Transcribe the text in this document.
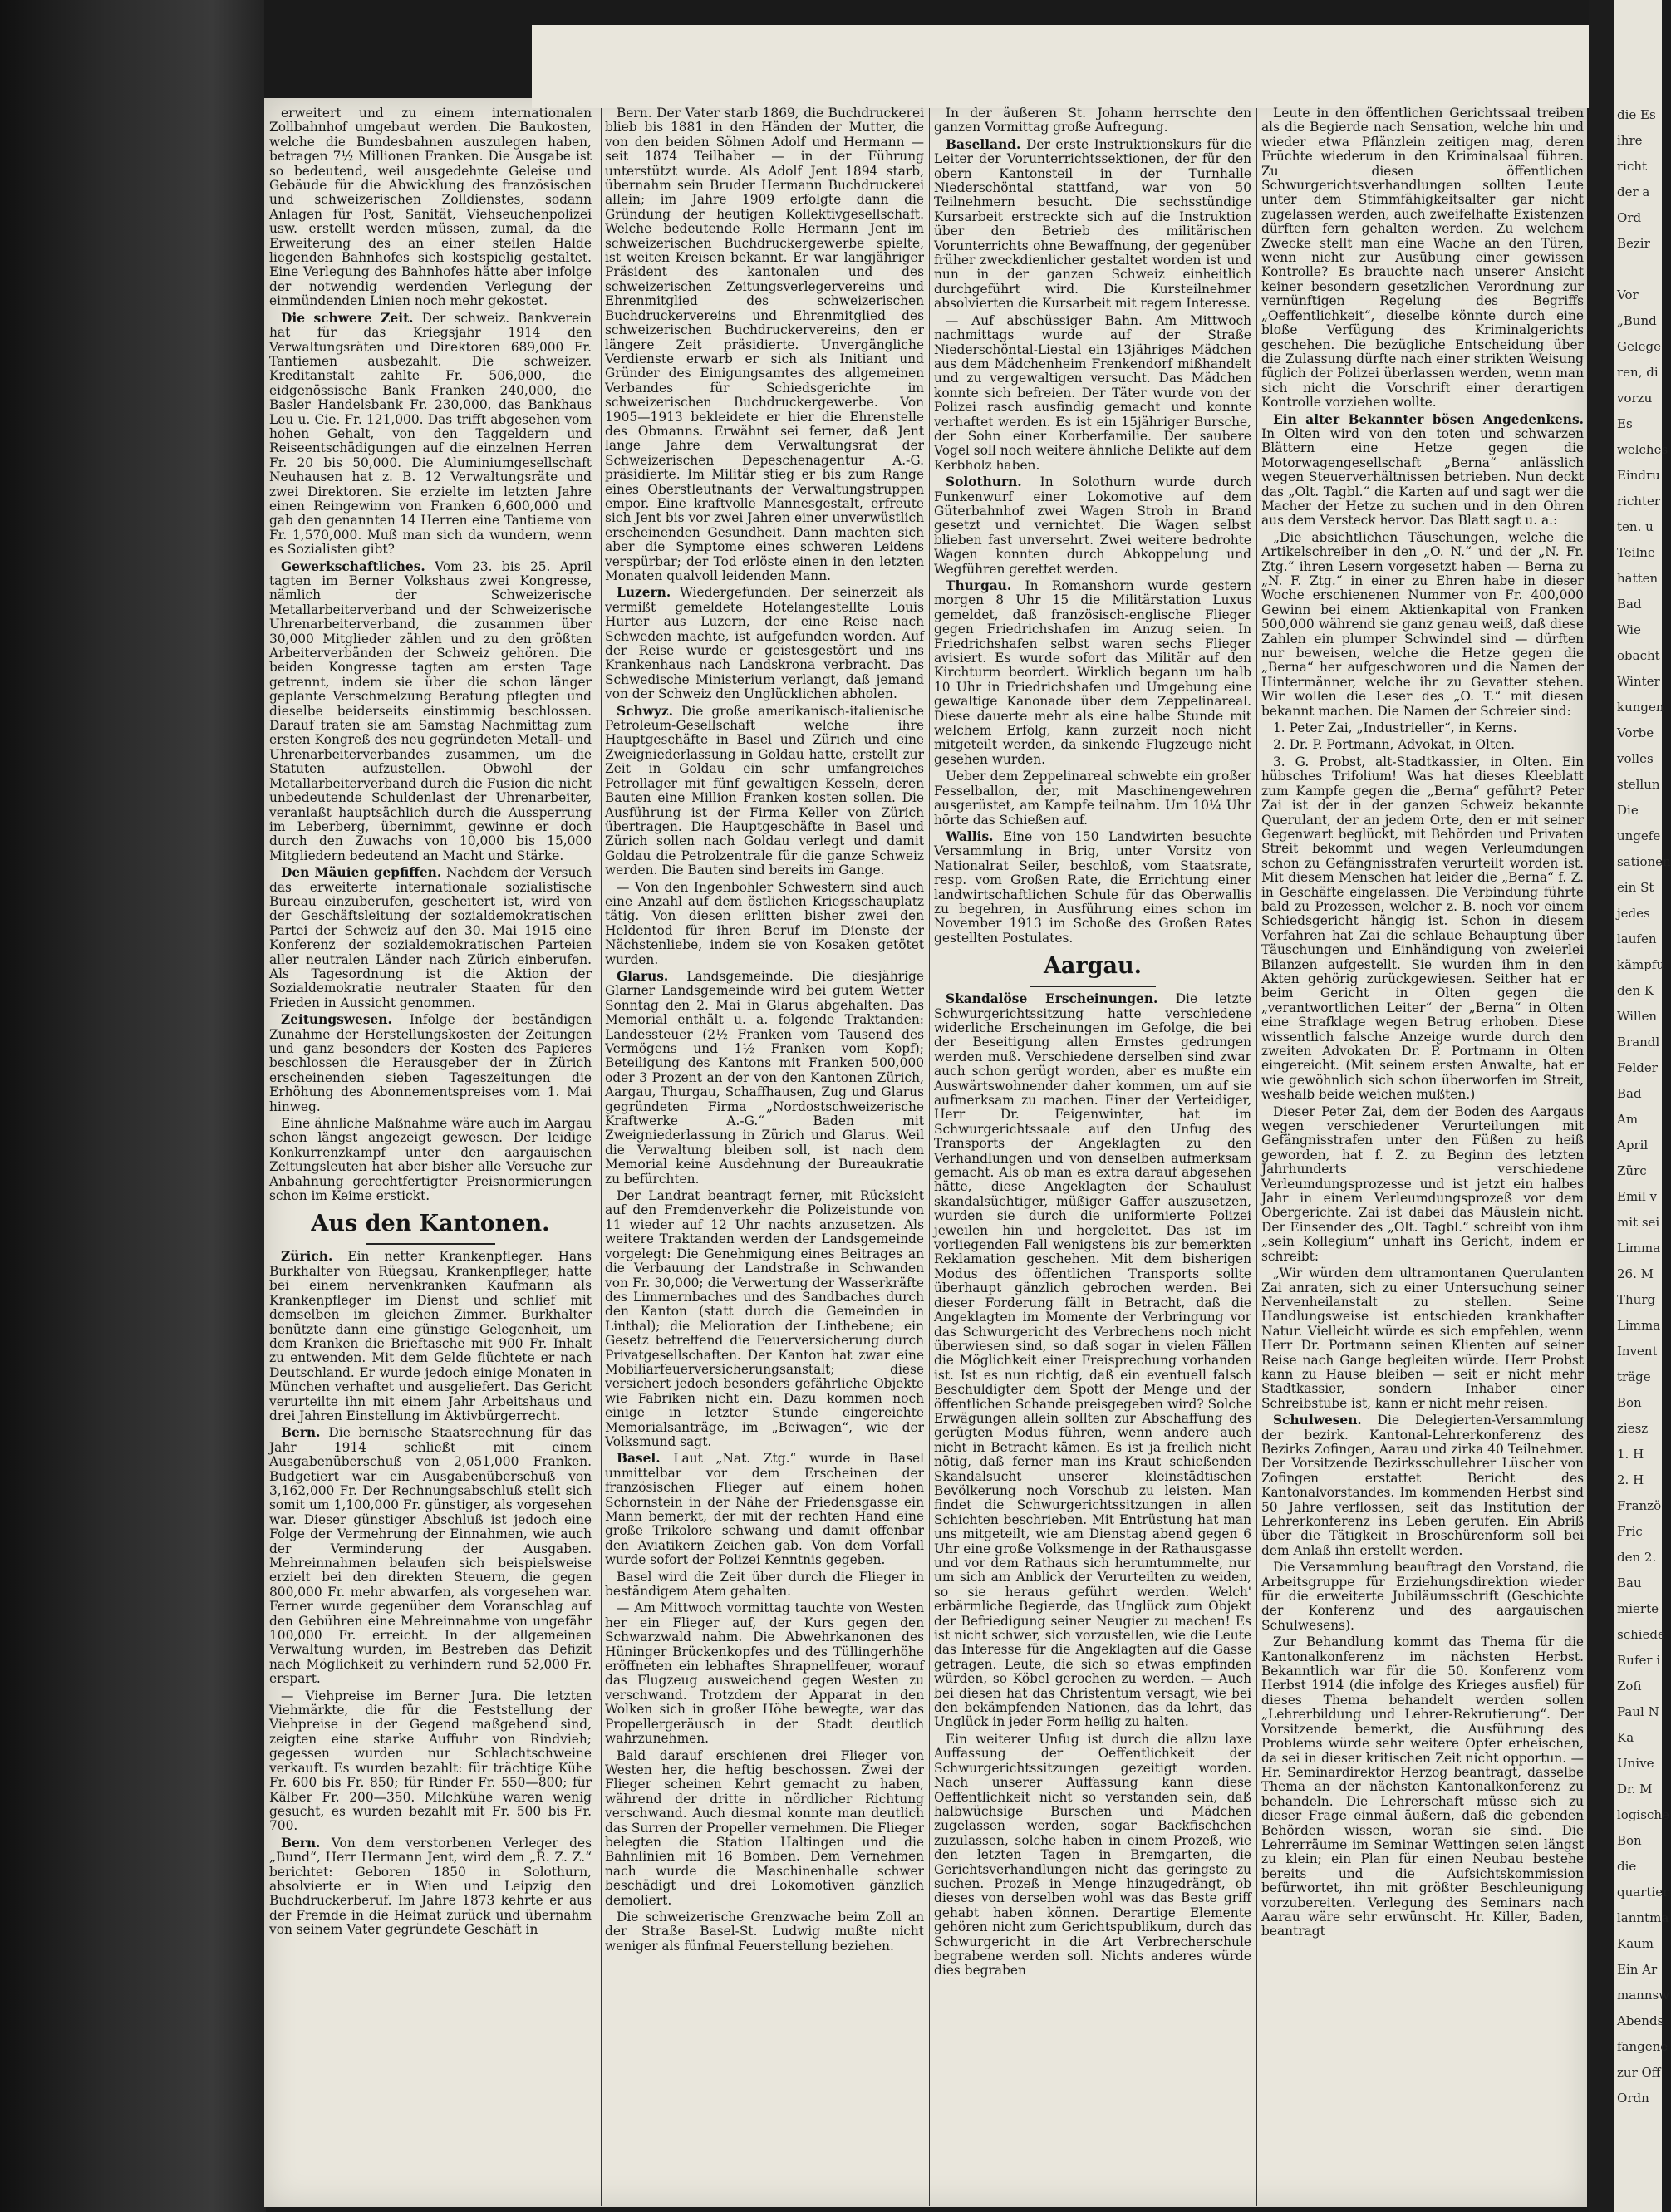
erweitert und zu einem internationalen Zollbahnhof umgebaut werden. Die Baukosten, welche die Bundesbahnen auszulegen haben, betragen 7½ Millionen Franken. Die Ausgabe ist so bedeutend, weil ausgedehnte Geleise und Gebäude für die Abwicklung des französischen und schweizerischen Zolldienstes, sodann Anlagen für Post, Sanität, Viehseuchenpolizei usw. erstellt werden müssen, zumal, da die Erweiterung des an einer steilen Halde liegenden Bahnhofes sich kostspielig gestaltet. Eine Verlegung des Bahnhofes hätte aber infolge der notwendig werdenden Verlegung der einmündenden Linien noch mehr gekostet.

Die schwere Zeit. Der schweiz. Bankverein hat für das Kriegsjahr 1914 den Verwaltungsräten und Direktoren 689,000 Fr. Tantiemen ausbezahlt. Die schweizer. Kreditanstalt zahlte Fr. 506,000, die eidgenössische Bank Franken 240,000, die Basler Handelsbank Fr. 230,000, das Bankhaus Leu u. Cie. Fr. 121,000. Das trifft abgesehen vom hohen Gehalt, von den Taggeldern und Reiseentschädigungen auf die einzelnen Herren Fr. 20 bis 50,000. Die Aluminiumgesellschaft Neuhausen hat z. B. 12 Verwaltungsräte und zwei Direktoren. Sie erzielte im letzten Jahre einen Reingewinn von Franken 6,600,000 und gab den genannten 14 Herren eine Tantieme von Fr. 1,570,000. Muß man sich da wundern, wenn es Sozialisten gibt?

Gewerkschaftliches. Vom 23. bis 25. April tagten im Berner Volkshaus zwei Kongresse, nämlich der Schweizerische Metallarbeiterverband und der Schweizerische Uhrenarbeiterverband, die zusammen über 30,000 Mitglieder zählen und zu den größten Arbeiterverbänden der Schweiz gehören. Die beiden Kongresse tagten am ersten Tage getrennt, indem sie über die schon länger geplante Verschmelzung Beratung pflegten und dieselbe beiderseits einstimmig beschlossen. Darauf traten sie am Samstag Nachmittag zum ersten Kongreß des neu gegründeten Metall- und Uhrenarbeiterverbandes zusammen, um die Statuten aufzustellen. Obwohl der Metallarbeiterverband durch die Fusion die nicht unbedeutende Schuldenlast der Uhrenarbeiter, veranlaßt hauptsächlich durch die Aussperrung im Leberberg, übernimmt, gewinne er doch durch den Zuwachs von 10,000 bis 15,000 Mitgliedern bedeutend an Macht und Stärke.

Den Mäuien gepfiffen. Nachdem der Versuch das erweiterte internationale sozialistische Bureau einzuberufen, gescheitert ist, wird von der Geschäftsleitung der sozialdemokratischen Partei der Schweiz auf den 30. Mai 1915 eine Konferenz der sozialdemokratischen Parteien aller neutralen Länder nach Zürich einberufen. Als Tagesordnung ist die Aktion der Sozialdemokratie neutraler Staaten für den Frieden in Aussicht genommen.

Zeitungswesen. Infolge der beständigen Zunahme der Herstellungskosten der Zeitungen und ganz besonders der Kosten des Papieres beschlossen die Herausgeber der in Zürich erscheinenden sieben Tageszeitungen die Erhöhung des Abonnementspreises vom 1. Mai hinweg.

Eine ähnliche Maßnahme wäre auch im Aargau schon längst angezeigt gewesen. Der leidige Konkurrenzkampf unter den aargauischen Zeitungsleuten hat aber bisher alle Versuche zur Anbahnung gerechtfertigter Preisnormierungen schon im Keime erstickt.

Aus den Kantonen.

Zürich. Ein netter Krankenpfleger. Hans Burkhalter von Rüegsau, Krankenpfleger, hatte bei einem nervenkranken Kaufmann als Krankenpfleger im Dienst und schlief mit demselben im gleichen Zimmer. Burkhalter benützte dann eine günstige Gelegenheit, um dem Kranken die Brieftasche mit 900 Fr. Inhalt zu entwenden. Mit dem Gelde flüchtete er nach Deutschland. Er wurde jedoch einige Monaten in München verhaftet und ausgeliefert. Das Gericht verurteilte ihn mit einem Jahr Arbeitshaus und drei Jahren Einstellung im Aktivbürgerrecht.

Bern. Die bernische Staatsrechnung für das Jahr 1914 schließt mit einem Ausgabenüberschuß von 2,051,000 Franken. Budgetiert war ein Ausgabenüberschuß von 3,162,000 Fr. Der Rechnungsabschluß stellt sich somit um 1,100,000 Fr. günstiger, als vorgesehen war. Dieser günstiger Abschluß ist jedoch eine Folge der Vermehrung der Einnahmen, wie auch der Verminderung der Ausgaben. Mehreinnahmen belaufen sich beispielsweise erzielt bei den direkten Steuern, die gegen 800,000 Fr. mehr abwarfen, als vorgesehen war. Ferner wurde gegenüber dem Voranschlag auf den Gebühren eine Mehreinnahme von ungefähr 100,000 Fr. erreicht. In der allgemeinen Verwaltung wurden, im Bestreben das Defizit nach Möglichkeit zu verhindern rund 52,000 Fr. erspart.

— Viehpreise im Berner Jura. Die letzten Viehmärkte, die für die Feststellung der Viehpreise in der Gegend maßgebend sind, zeigten eine starke Auffuhr von Rindvieh; gegessen wurden nur Schlachtschweine verkauft. Es wurden bezahlt: für trächtige Kühe Fr. 600 bis Fr. 850; für Rinder Fr. 550—800; für Kälber Fr. 200—350. Milchkühe waren wenig gesucht, es wurden bezahlt mit Fr. 500 bis Fr. 700.

Bern. Von dem verstorbenen Verleger des „Bund“, Herr Hermann Jent, wird dem „R. Z. Z.“ berichtet: Geboren 1850 in Solothurn, absolvierte er in Wien und Leipzig den Buchdruckerberuf. Im Jahre 1873 kehrte er aus der Fremde in die Heimat zurück und übernahm von seinem Vater gegründete Geschäft in

Bern. Der Vater starb 1869, die Buchdruckerei blieb bis 1881 in den Händen der Mutter, die von den beiden Söhnen Adolf und Hermann — seit 1874 Teilhaber — in der Führung unterstützt wurde. Als Adolf Jent 1894 starb, übernahm sein Bruder Hermann Buchdruckerei allein; im Jahre 1909 erfolgte dann die Gründung der heutigen Kollektivgesellschaft. Welche bedeutende Rolle Hermann Jent im schweizerischen Buchdruckergewerbe spielte, ist weiten Kreisen bekannt. Er war langjähriger Präsident des kantonalen und des schweizerischen Zeitungsverlegervereins und Ehrenmitglied des schweizerischen Buchdruckervereins und Ehrenmitglied des schweizerischen Buchdruckervereins, den er längere Zeit präsidierte. Unvergängliche Verdienste erwarb er sich als Initiant und Gründer des Einigungsamtes des allgemeinen Verbandes für Schiedsgerichte im schweizerischen Buchdruckergewerbe. Von 1905—1913 bekleidete er hier die Ehrenstelle des Obmanns. Erwähnt sei ferner, daß Jent lange Jahre dem Verwaltungsrat der Schweizerischen Depeschenagentur A.-G. präsidierte. Im Militär stieg er bis zum Range eines Oberstleutnants der Verwaltungstruppen empor. Eine kraftvolle Mannesgestalt, erfreute sich Jent bis vor zwei Jahren einer unverwüstlich erscheinenden Gesundheit. Dann machten sich aber die Symptome eines schweren Leidens verspürbar; der Tod erlöste einen in den letzten Monaten qualvoll leidenden Mann.

Luzern. Wiedergefunden. Der seinerzeit als vermißt gemeldete Hotelangestellte Louis Hurter aus Luzern, der eine Reise nach Schweden machte, ist aufgefunden worden. Auf der Reise wurde er geistesgestört und ins Krankenhaus nach Landskrona verbracht. Das Schwedische Ministerium verlangt, daß jemand von der Schweiz den Unglücklichen abholen.

Schwyz. Die große amerikanisch-italienische Petroleum-Gesellschaft welche ihre Hauptgeschäfte in Basel und Zürich und eine Zweigniederlassung in Goldau hatte, erstellt zur Zeit in Goldau ein sehr umfangreiches Petrollager mit fünf gewaltigen Kesseln, deren Bauten eine Million Franken kosten sollen. Die Ausführung ist der Firma Keller von Zürich übertragen. Die Hauptgeschäfte in Basel und Zürich sollen nach Goldau verlegt und damit Goldau die Petrolzentrale für die ganze Schweiz werden. Die Bauten sind bereits im Gange.

— Von den Ingenbohler Schwestern sind auch eine Anzahl auf dem östlichen Kriegsschauplatz tätig. Von diesen erlitten bisher zwei den Heldentod für ihren Beruf im Dienste der Nächstenliebe, indem sie von Kosaken getötet wurden.

Glarus. Landsgemeinde. Die diesjährige Glarner Landsgemeinde wird bei gutem Wetter Sonntag den 2. Mai in Glarus abgehalten. Das Memorial enthält u. a. folgende Traktanden: Landessteuer (2½ Franken vom Tausend des Vermögens und 1½ Franken vom Kopf); Beteiligung des Kantons mit Franken 500,000 oder 3 Prozent an der von den Kantonen Zürich, Aargau, Thurgau, Schaffhausen, Zug und Glarus gegründeten Firma „Nordostschweizerische Kraftwerke A.-G.“ Baden mit Zweigniederlassung in Zürich und Glarus. Weil die Verwaltung bleiben soll, ist nach dem Memorial keine Ausdehnung der Bureaukratie zu befürchten.

Der Landrat beantragt ferner, mit Rücksicht auf den Fremdenverkehr die Polizeistunde von 11 wieder auf 12 Uhr nachts anzusetzen. Als weitere Traktanden werden der Landsgemeinde vorgelegt: Die Genehmigung eines Beitrages an die Verbauung der Landstraße in Schwanden von Fr. 30,000; die Verwertung der Wasserkräfte des Limmernbaches und des Sandbaches durch den Kanton (statt durch die Gemeinden in Linthal); die Melioration der Linthebene; ein Gesetz betreffend die Feuerversicherung durch Privatgesellschaften. Der Kanton hat zwar eine Mobiliarfeuerversicherungsanstalt; diese versichert jedoch besonders gefährliche Objekte wie Fabriken nicht ein. Dazu kommen noch einige in letzter Stunde eingereichte Memorialsanträge, im „Beiwagen“, wie der Volksmund sagt.

Basel. Laut „Nat. Ztg.“ wurde in Basel unmittelbar vor dem Erscheinen der französischen Flieger auf einem hohen Schornstein in der Nähe der Friedensgasse ein Mann bemerkt, der mit der rechten Hand eine große Trikolore schwang und damit offenbar den Aviatikern Zeichen gab. Von dem Vorfall wurde sofort der Polizei Kenntnis gegeben.

Basel wird die Zeit über durch die Flieger in beständigem Atem gehalten.

— Am Mittwoch vormittag tauchte von Westen her ein Flieger auf, der Kurs gegen den Schwarzwald nahm. Die Abwehrkanonen des Hüninger Brückenkopfes und des Tüllingerhöhe eröffneten ein lebhaftes Shrapnellfeuer, worauf das Flugzeug ausweichend gegen Westen zu verschwand. Trotzdem der Apparat in den Wolken sich in großer Höhe bewegte, war das Propellergeräusch in der Stadt deutlich wahrzunehmen.

Bald darauf erschienen drei Flieger von Westen her, die heftig beschossen. Zwei der Flieger scheinen Kehrt gemacht zu haben, während der dritte in nördlicher Richtung verschwand. Auch diesmal konnte man deutlich das Surren der Propeller vernehmen. Die Flieger belegten die Station Haltingen und die Bahnlinien mit 16 Bomben. Dem Vernehmen nach wurde die Maschinenhalle schwer beschädigt und drei Lokomotiven gänzlich demoliert.

Die schweizerische Grenzwache beim Zoll an der Straße Basel-St. Ludwig mußte nicht weniger als fünfmal Feuerstellung beziehen.

In der äußeren St. Johann herrschte den ganzen Vormittag große Aufregung.

Baselland. Der erste Instruktionskurs für die Leiter der Vorunterrichtssektionen, der für den obern Kantonsteil in der Turnhalle Niederschöntal stattfand, war von 50 Teilnehmern besucht. Die sechsstündige Kursarbeit erstreckte sich auf die Instruktion über den Betrieb des militärischen Vorunterrichts ohne Bewaffnung, der gegenüber früher zweckdienlicher gestaltet worden ist und nun in der ganzen Schweiz einheitlich durchgeführt wird. Die Kursteilnehmer absolvierten die Kursarbeit mit regem Interesse.

— Auf abschüssiger Bahn. Am Mittwoch nachmittags wurde auf der Straße Niederschöntal-Liestal ein 13jähriges Mädchen aus dem Mädchenheim Frenkendorf mißhandelt und zu vergewaltigen versucht. Das Mädchen konnte sich befreien. Der Täter wurde von der Polizei rasch ausfindig gemacht und konnte verhaftet werden. Es ist ein 15jähriger Bursche, der Sohn einer Korberfamilie. Der saubere Vogel soll noch weitere ähnliche Delikte auf dem Kerbholz haben.

Solothurn. In Solothurn wurde durch Funkenwurf einer Lokomotive auf dem Güterbahnhof zwei Wagen Stroh in Brand gesetzt und vernichtet. Die Wagen selbst blieben fast unversehrt. Zwei weitere bedrohte Wagen konnten durch Abkoppelung und Wegführen gerettet werden.

Thurgau. In Romanshorn wurde gestern morgen 8 Uhr 15 die Militärstation Luxus gemeldet, daß französisch-englische Flieger gegen Friedrichshafen im Anzug seien. In Friedrichshafen selbst waren sechs Flieger avisiert. Es wurde sofort das Militär auf den Kirchturm beordert. Wirklich begann um halb 10 Uhr in Friedrichshafen und Umgebung eine gewaltige Kanonade über dem Zeppelinareal. Diese dauerte mehr als eine halbe Stunde mit welchem Erfolg, kann zurzeit noch nicht mitgeteilt werden, da sinkende Flugzeuge nicht gesehen wurden.

Ueber dem Zeppelinareal schwebte ein großer Fesselballon, der, mit Maschinengewehren ausgerüstet, am Kampfe teilnahm. Um 10¼ Uhr hörte das Schießen auf.

Wallis. Eine von 150 Landwirten besuchte Versammlung in Brig, unter Vorsitz von Nationalrat Seiler, beschloß, vom Staatsrate, resp. vom Großen Rate, die Errichtung einer landwirtschaftlichen Schule für das Oberwallis zu begehren, in Ausführung eines schon im November 1913 im Schoße des Großen Rates gestellten Postulates.

Aargau.

Skandalöse Erscheinungen. Die letzte Schwurgerichtssitzung hatte verschiedene widerliche Erscheinungen im Gefolge, die bei der Beseitigung allen Ernstes gedrungen werden muß. Verschiedene derselben sind zwar auch schon gerügt worden, aber es mußte ein Auswärtswohnender daher kommen, um auf sie aufmerksam zu machen. Einer der Verteidiger, Herr Dr. Feigenwinter, hat im Schwurgerichtssaale auf den Unfug des Transports der Angeklagten zu den Verhandlungen und von denselben aufmerksam gemacht. Als ob man es extra darauf abgesehen hätte, diese Angeklagten der Schaulust skandalsüchtiger, müßiger Gaffer auszusetzen, wurden sie durch die uniformierte Polizei jeweilen hin und hergeleitet. Das ist im vorliegenden Fall wenigstens bis zur bemerkten Reklamation geschehen. Mit dem bisherigen Modus des öffentlichen Transports sollte überhaupt gänzlich gebrochen werden. Bei dieser Forderung fällt in Betracht, daß die Angeklagten im Momente der Verbringung vor das Schwurgericht des Verbrechens noch nicht überwiesen sind, so daß sogar in vielen Fällen die Möglichkeit einer Freisprechung vorhanden ist. Ist es nun richtig, daß ein eventuell falsch Beschuldigter dem Spott der Menge und der öffentlichen Schande preisgegeben wird? Solche Erwägungen allein sollten zur Abschaffung des gerügten Modus führen, wenn andere auch nicht in Betracht kämen. Es ist ja freilich nicht nötig, daß ferner man ins Kraut schießenden Skandalsucht unserer kleinstädtischen Bevölkerung noch Vorschub zu leisten. Man findet die Schwurgerichtssitzungen in allen Schichten beschrieben. Mit Entrüstung hat man uns mitgeteilt, wie am Dienstag abend gegen 6 Uhr eine große Volksmenge in der Rathausgasse und vor dem Rathaus sich herumtummelte, nur um sich am Anblick der Verurteilten zu weiden, so sie heraus geführt werden. Welch' erbärmliche Begierde, das Unglück zum Objekt der Befriedigung seiner Neugier zu machen! Es ist nicht schwer, sich vorzustellen, wie die Leute das Interesse für die Angeklagten auf die Gasse getragen. Leute, die sich so etwas empfinden würden, so Köbel gerochen zu werden. — Auch bei diesen hat das Christentum versagt, wie bei den bekämpfenden Nationen, das da lehrt, das Unglück in jeder Form heilig zu halten.

Ein weiterer Unfug ist durch die allzu laxe Auffassung der Oeffentlichkeit der Schwurgerichtssitzungen gezeitigt worden. Nach unserer Auffassung kann diese Oeffentlichkeit nicht so verstanden sein, daß halbwüchsige Burschen und Mädchen zugelassen werden, sogar Backfischchen zuzulassen, solche haben in einem Prozeß, wie den letzten Tagen in Bremgarten, die Gerichtsverhandlungen nicht das geringste zu suchen. Prozeß in Menge hinzugedrängt, ob dieses von derselben wohl was das Beste griff gehabt haben können. Derartige Elemente gehören nicht zum Gerichtspublikum, durch das Schwurgericht in die Art Verbrecherschule begrabene werden soll. Nichts anderes würde dies begraben

Leute in den öffentlichen Gerichtssaal treiben als die Begierde nach Sensation, welche hin und wieder etwa Pflänzlein zeitigen mag, deren Früchte wiederum in den Kriminalsaal führen. Zu diesen öffentlichen Schwurgerichtsverhandlungen sollten Leute unter dem Stimmfähigkeitsalter gar nicht zugelassen werden, auch zweifelhafte Existenzen dürften fern gehalten werden. Zu welchem Zwecke stellt man eine Wache an den Türen, wenn nicht zur Ausübung einer gewissen Kontrolle? Es brauchte nach unserer Ansicht keiner besondern gesetzlichen Verordnung zur vernünftigen Regelung des Begriffs „Oeffentlichkeit“, dieselbe könnte durch eine bloße Verfügung des Kriminalgerichts geschehen. Die bezügliche Entscheidung über die Zulassung dürfte nach einer strikten Weisung füglich der Polizei überlassen werden, wenn man sich nicht die Vorschrift einer derartigen Kontrolle vorziehen wollte.

Ein alter Bekannter bösen Angedenkens. In Olten wird von den toten und schwarzen Blättern eine Hetze gegen die Motorwagengesellschaft „Berna“ anlässlich wegen Steuerverhältnissen betrieben. Nun deckt das „Olt. Tagbl.“ die Karten auf und sagt wer die Macher der Hetze zu suchen und in den Ohren aus dem Versteck hervor. Das Blatt sagt u. a.:

„Die absichtlichen Täuschungen, welche die Artikelschreiber in den „O. N.“ und der „N. Fr. Ztg.“ ihren Lesern vorgesetzt haben — Berna zu „N. F. Ztg.“ in einer zu Ehren habe in dieser Woche erschienenen Nummer von Fr. 400,000 Gewinn bei einem Aktienkapital von Franken 500,000 während sie ganz genau weiß, daß diese Zahlen ein plumper Schwindel sind — dürften nur beweisen, welche die Hetze gegen die „Berna“ her aufgeschworen und die Namen der Hintermänner, welche ihr zu Gevatter stehen. Wir wollen die Leser des „O. T.“ mit diesen bekannt machen. Die Namen der Schreier sind:

1. Peter Zai, „Industrieller“, in Kerns.

2. Dr. P. Portmann, Advokat, in Olten.

3. G. Probst, alt-Stadtkassier, in Olten. Ein hübsches Trifolium! Was hat dieses Kleeblatt zum Kampfe gegen die „Berna“ geführt? Peter Zai ist der in der ganzen Schweiz bekannte Querulant, der an jedem Orte, den er mit seiner Gegenwart beglückt, mit Behörden und Privaten Streit bekommt und wegen Verleumdungen schon zu Gefängnisstrafen verurteilt worden ist. Mit diesem Menschen hat leider die „Berna“ f. Z. in Geschäfte eingelassen. Die Verbindung führte bald zu Prozessen, welcher z. B. noch vor einem Schiedsgericht hängig ist. Schon in diesem Verfahren hat Zai die schlaue Behauptung über Täuschungen und Einhändigung von zweierlei Bilanzen aufgestellt. Sie wurden ihm in den Akten gehörig zurückgewiesen. Seither hat er beim Gericht in Olten gegen die „verantwortlichen Leiter“ der „Berna“ in Olten eine Strafklage wegen Betrug erhoben. Diese wissentlich falsche Anzeige wurde durch den zweiten Advokaten Dr. P. Portmann in Olten eingereicht. (Mit seinem ersten Anwalte, hat er wie gewöhnlich sich schon überworfen im Streit, weshalb beide weichen mußten.)

Dieser Peter Zai, dem der Boden des Aargaus wegen verschiedener Verurteilungen mit Gefängnisstrafen unter den Füßen zu heiß geworden, hat f. Z. zu Beginn des letzten Jahrhunderts verschiedene Verleumdungsprozesse und ist jetzt ein halbes Jahr in einem Verleumdungsprozeß vor dem Obergerichte. Zai ist dabei das Mäuslein nicht. Der Einsender des „Olt. Tagbl.“ schreibt von ihm „sein Kollegium“ unhaft ins Gericht, indem er schreibt:

„Wir würden dem ultramontanen Querulanten Zai anraten, sich zu einer Untersuchung seiner Nervenheilanstalt zu stellen. Seine Handlungsweise ist entschieden krankhafter Natur. Vielleicht würde es sich empfehlen, wenn Herr Dr. Portmann seinen Klienten auf seiner Reise nach Gange begleiten würde. Herr Probst kann zu Hause bleiben — seit er nicht mehr Stadtkassier, sondern Inhaber einer Schreibstube ist, kann er nicht mehr reisen.

Schulwesen. Die Delegierten-Versammlung der bezirk. Kantonal-Lehrerkonferenz des Bezirks Zofingen, Aarau und zirka 40 Teilnehmer. Der Vorsitzende Bezirksschullehrer Lüscher von Zofingen erstattet Bericht des Kantonalvorstandes. Im kommenden Herbst sind 50 Jahre verflossen, seit das Institution der Lehrerkonferenz ins Leben gerufen. Ein Abriß über die Tätigkeit in Broschürenform soll bei dem Anlaß ihn erstellt werden.

Die Versammlung beauftragt den Vorstand, die Arbeitsgruppe für Erziehungsdirektion wieder für die erweiterte Jubiläumsschrift (Geschichte der Konferenz und des aargauischen Schulwesens).

Zur Behandlung kommt das Thema für die Kantonalkonferenz im nächsten Herbst. Bekanntlich war für die 50. Konferenz vom Herbst 1914 (die infolge des Krieges ausfiel) für dieses Thema behandelt werden sollen „Lehrerbildung und Lehrer-Rekrutierung“. Der Vorsitzende bemerkt, die Ausführung des Problems würde sehr weitere Opfer erheischen, da sei in dieser kritischen Zeit nicht opportun. — Hr. Seminardirektor Herzog beantragt, dasselbe Thema an der nächsten Kantonalkonferenz zu behandeln. Die Lehrerschaft müsse sich zu dieser Frage einmal äußern, daß die gebenden Behörden wissen, woran sie sind. Die Lehrerräume im Seminar Wettingen seien längst zu klein; ein Plan für einen Neubau bestehe bereits und die Aufsichtskommission befürwortet, ihn mit größter Beschleunigung vorzubereiten. Verlegung des Seminars nach Aarau wäre sehr erwünscht. Hr. Killer, Baden, beantragt

die Es
ihre
richt
der a
Ord
Bezir
Vor
„Bund
Gelege
ren, di
vorzu
Es
welches
Eindru
richter
ten. u
Teilne
hatten
Bad
Wie
obacht
Winter
kungen
Vorbe
volles
stellun
Die
ungefe
sationen
ein St
jedes
laufen
kämpfu
den K
Willen
Brandl
Felder
Bad
Am
April
Zürc
Emil v
mit sei
Limma
26. M
Thurg
Limma
Invent
träge
Bon
ziesz
1. H
2. H
Franzö
Fric
den 2.
Bau
mierte
schiede
Rufer i
Zofi
Paul N
Ka
Unive
Dr. M
logische
Bon
die
quartier
lanntma
Kaum
Ein Ar
mannsw
Abends
fangene
zur Off
Ordn
